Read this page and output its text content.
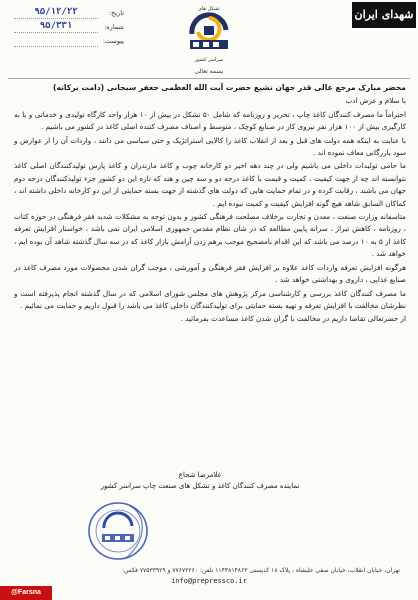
شهدای ایران
تاریخ:
۹۵/۱۲/۲۲
شماره:
۹۵/۳۳۱
پیوست:
تشکل های
سراسر کشور
بسمه تعالی

محضر مبارک مرجع عالی قدر جهان تشیع حضرت آیت الله العظمی جعفر سبحانی (دامت برکاته)

با سلام و عرض ادب

احتراماً ما مصرف کنندگان کاغذ چاپ ، تحریر و روزنامه که شامل ۵۰ تشکل در بیش از ۱۰ هزار واحد کارگاه تولیدی و خدماتی و با به کارگیری بیش از ۱۰۰ هزار نفر نیروی کار در صنایع کوچک ، متوسط و اصناف مصرف کننده اصلی کاغذ در کشور می باشیم .

با عنایت به اینکه همه دولت های قبل و بعد از انقلاب کاغذ را کالایی استراتژیک و حتی سیاسی می دانند ، واردات آن را از عوارض و سود بازرگانی معاف نموده اند .

ما حامی تولیدات داخلی می باشیم ولی در چند دهه اخیر دو کارخانه چوب و کاغذ مازندران و کاغذ پارس تولیدکنندگان اصلی کاغذ نتوانسته اند چه از جهت کیفیت ، کمیت و قیمت با کاغذ درجه دو و سه چین و هند که تازه این دو کشور جزء تولیدکنندگان درجه دوم جهان می باشند ، رقابت کرده و در تمام حمایت هایی که دولت های گذشته از جهت بسته حمایتی از این دو کارخانه داخلی داشته اند ، کماکان السابق شاهد هیچ گونه افزایش کیفیت و کمیت نبوده ایم .

متاسفانه وزارت صنعت ، معدن و تجارت برخلاف مصلحت فرهنگی کشور و بدون توجه به مشکلات شدید فقر فرهنگی در حوزه کتاب ، روزنامه ، کاهش تیراژ ، سرانه پایین مطالعه که در شان نظام مقدس جمهوری اسلامی ایران نمی باشد ، خواستار افزایش تعرفه کاغذ از ۵ به ۱۰ درصد می باشد که این اقدام نامصحیح موجب برهم زدن آرامش بازار کاغذ که در سه سال گذشته شاهد آن بوده ایم ، خواهد شد .

هرگونه افزایش تعرفه واردات کاغذ علاوه بر افزایش فقر فرهنگی و آموزشی ، موجب گران شدن محصولات مورد مصرف کاغذ در صنایع غذایی ، داروی و بهداشتی خواهد شد .

ما مصرف کنندگان کاغذ بررسی و کارشناسی مرکز پژوهش های مجلس شورای اسلامی که در سال گذشته انجام پذیرفته است و نظرشان مخالفت با افزایش تعرفه و تهیه بسته حمایتی برای تولیدکنندگان داخلی کاغذ می باشد را قبول داریم و حمایت می نمائیم .

از حضرتعالی تقاضا داریم در مخالفت با گران شدن کاغذ مساعدت بفرمائید .

غلامرضا شجاع
نماینده مصرف کنندگان کاغذ و تشکل های صنعت چاپ سراسر کشور
تهران، خیابان انقلاب، خیابان صفی علیشاه ، پلاک ۱۸ کدپستی ۱۱۴۴۸۱۴۸۶۳ تلفن: ۷۷۶۷۲۲۶۰ و ۷۷۵۳۳۹۲۹ فکس:
info@prepressco.ir
@Farsna
